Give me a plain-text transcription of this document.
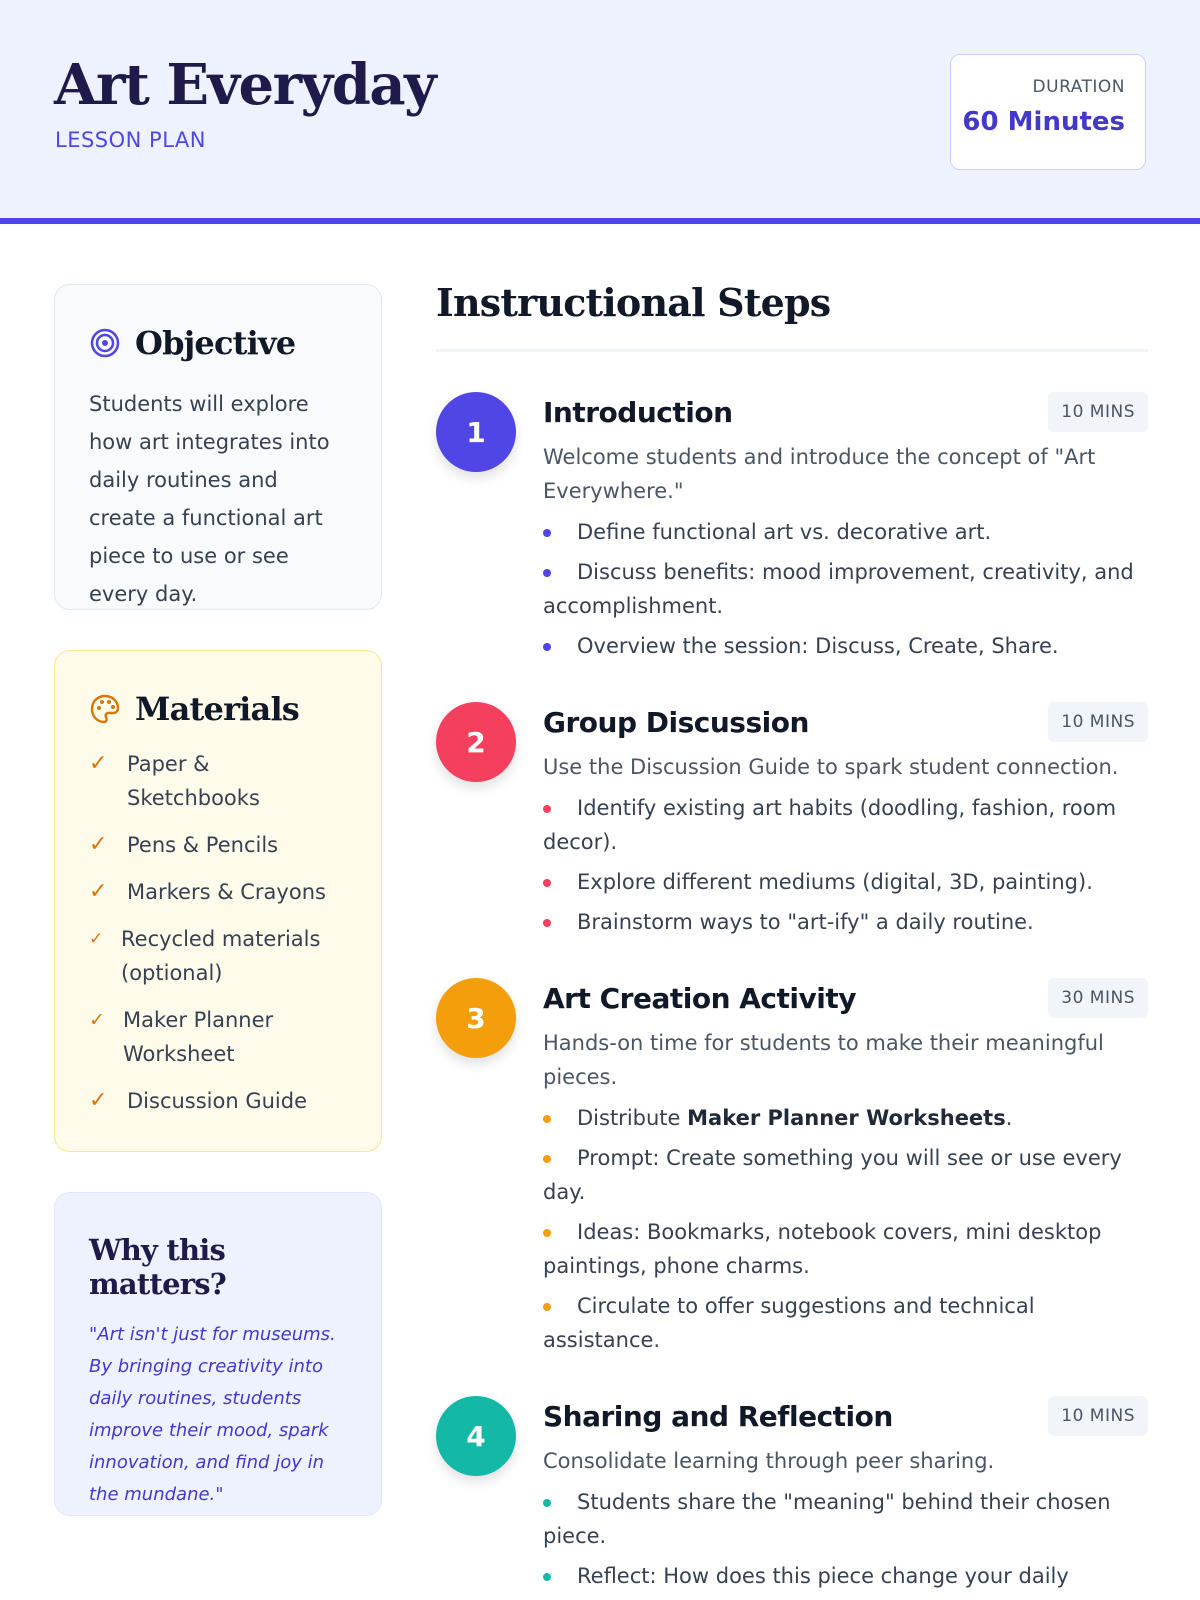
Art Everyday
LESSON PLAN
DURATION
60 Minutes
Objective
Students will explore how art integrates into daily routines and create a functional art piece to use or see every day.
Materials
✓ Paper & Sketchbooks
✓ Pens & Pencils
✓ Markers & Crayons
✓ Recycled materials (optional)
✓ Maker Planner Worksheet
✓ Discussion Guide
Why this matters?
"Art isn't just for museums. By bringing creativity into daily routines, students improve their mood, spark innovation, and find joy in the mundane."
Instructional Steps
1
Introduction	10 MINS
Welcome students and introduce the concept of "Art Everywhere."
Define functional art vs. decorative art.
Discuss benefits: mood improvement, creativity, and accomplishment.
Overview the session: Discuss, Create, Share.
2
Group Discussion	10 MINS
Use the Discussion Guide to spark student connection.
Identify existing art habits (doodling, fashion, room decor).
Explore different mediums (digital, 3D, painting).
Brainstorm ways to "art-ify" a daily routine.
3
Art Creation Activity	30 MINS
Hands-on time for students to make their meaningful pieces.
Distribute Maker Planner Worksheets.
Prompt: Create something you will see or use every day.
Ideas: Bookmarks, notebook covers, mini desktop paintings, phone charms.
Circulate to offer suggestions and technical assistance.
4
Sharing and Reflection	10 MINS
Consolidate learning through peer sharing.
Students share the "meaning" behind their chosen piece.
Reflect: How does this piece change your daily
